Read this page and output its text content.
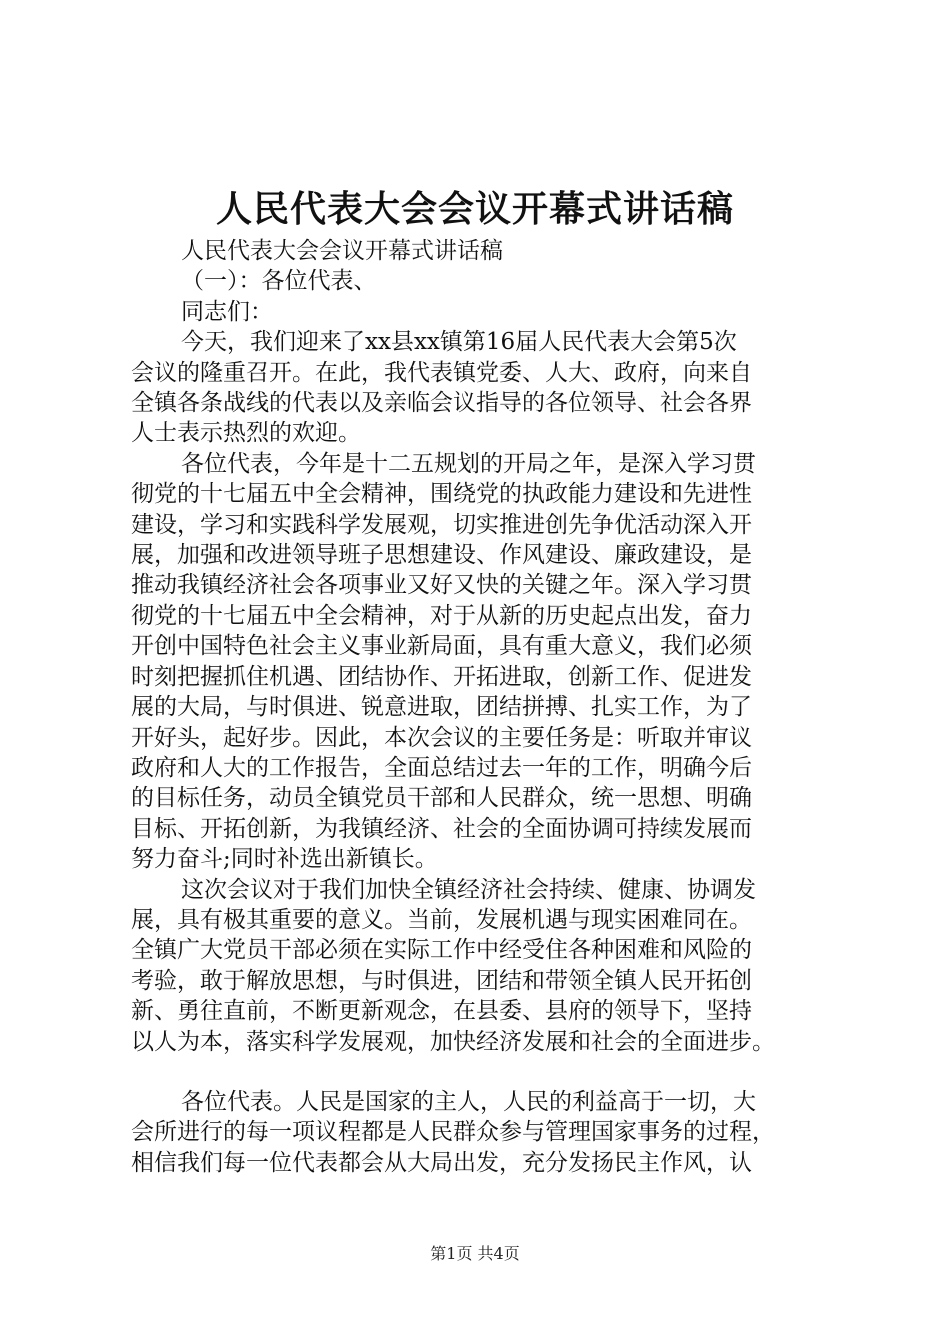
人民代表大会会议开幕式讲话稿
人民代表大会会议开幕式讲话稿
（一）：各位代表、
同志们：
今天，我们迎来了xx县xx镇第16届人民代表大会第5次
会议的隆重召开。在此，我代表镇党委、人大、政府，向来自
全镇各条战线的代表以及亲临会议指导的各位领导、社会各界
人士表示热烈的欢迎。
各位代表，今年是十二五规划的开局之年，是深入学习贯
彻党的十七届五中全会精神，围绕党的执政能力建设和先进性
建设，学习和实践科学发展观，切实推进创先争优活动深入开
展，加强和改进领导班子思想建设、作风建设、廉政建设，是
推动我镇经济社会各项事业又好又快的关键之年。深入学习贯
彻党的十七届五中全会精神，对于从新的历史起点出发，奋力
开创中国特色社会主义事业新局面，具有重大意义，我们必须
时刻把握抓住机遇、团结协作、开拓进取，创新工作、促进发
展的大局，与时俱进、锐意进取，团结拼搏、扎实工作，为了
开好头，起好步。因此，本次会议的主要任务是：听取并审议
政府和人大的工作报告，全面总结过去一年的工作，明确今后
的目标任务，动员全镇党员干部和人民群众，统一思想、明确
目标、开拓创新，为我镇经济、社会的全面协调可持续发展而
努力奋斗;同时补选出新镇长。
这次会议对于我们加快全镇经济社会持续、健康、协调发
展，具有极其重要的意义。当前，发展机遇与现实困难同在。
全镇广大党员干部必须在实际工作中经受住各种困难和风险的
考验，敢于解放思想，与时俱进，团结和带领全镇人民开拓创
新、勇往直前，不断更新观念，在县委、县府的领导下，坚持
以人为本，落实科学发展观，加快经济发展和社会的全面进步。
各位代表。人民是国家的主人，人民的利益高于一切，大
会所进行的每一项议程都是人民群众参与管理国家事务的过程，
相信我们每一位代表都会从大局出发，充分发扬民主作风，认
第1页 共4页
